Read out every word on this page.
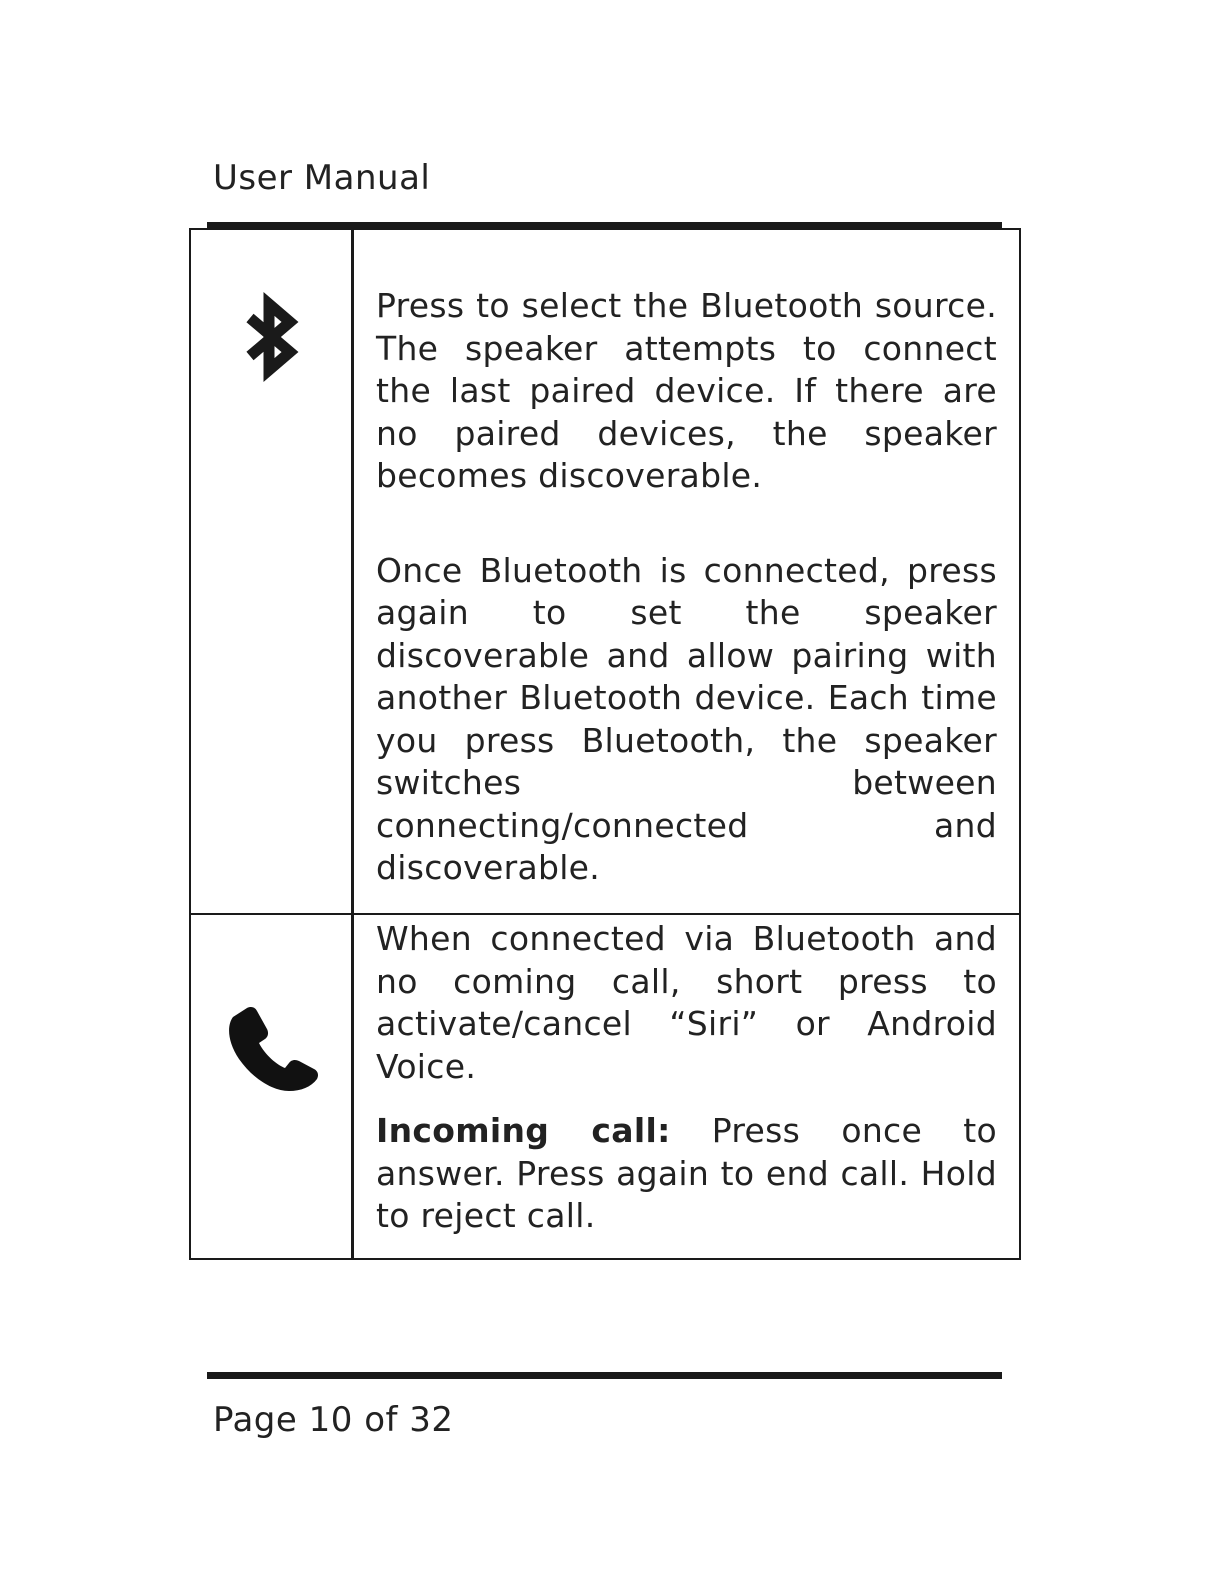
User Manual

Press to select the Bluetooth source. The speaker attempts to connect the last paired device. If there are no paired devices, the speaker becomes discoverable.

Once Bluetooth is connected, press again to set the speaker discoverable and allow pairing with another Bluetooth device. Each time you press Bluetooth, the speaker switches between connecting/connected and discoverable.

When connected via Bluetooth and no coming call, short press to activate/cancel “Siri” or Android Voice.

Incoming call: Press once to answer. Press again to end call. Hold to reject call.

Page 10 of 32
